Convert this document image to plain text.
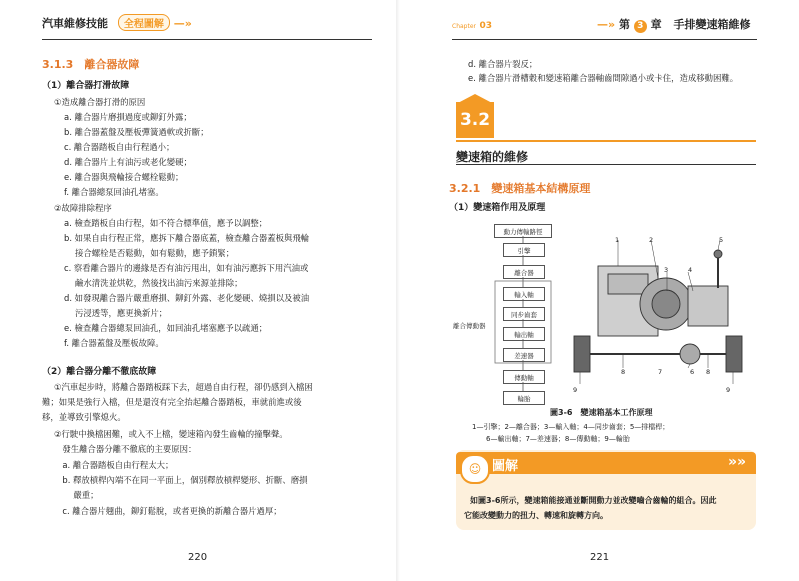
汽車維修技能 全程圖解 —»
3.1.3　離合器故障
（1）離合器打滑故障
①造成離合器打滑的原因
a. 離合器片磨損過度或鉚釘外露；
b. 離合器蓋盤及壓板彈簧過軟或折斷；
c. 離合器踏板自由行程過小；
d. 離合器片上有油污或老化變硬；
e. 離合器與飛輪接合螺栓鬆動；
f. 離合器總泵回油孔堵塞。
②故障排除程序
a. 檢查踏板自由行程，如不符合標準值，應予以調整；
b. 如果自由行程正常，應拆下離合器底蓋，檢查離合器蓋板與飛輪
　 接合螺栓是否鬆動，如有鬆動，應予鎖緊；
c. 察看離合器片的邊緣是否有油污甩出，如有油污應拆下用汽油或
　 鹼水清洗並烘乾，然後找出油污來源並排除；
d. 如發現離合器片嚴重磨損、鉚釘外露、老化變硬、燒損以及被油
　 污浸透等，應更換新片；
e. 檢查離合器總泵回油孔，如回油孔堵塞應予以疏通；
f. 離合器蓋盤及壓板故障。
（2）離合器分離不徹底故障
①汽車起步時，將離合器踏板踩下去，超過自由行程，卻仍感到入檔困
難；如果是強行入檔，但是還沒有完全抬起離合器踏板，車就前進或後
移，並導致引擎熄火。
②行駛中換檔困難，或入不上檔，變速箱內發生齒輪的撞擊聲。
　發生離合器分離不徹底的主要原因：
　a. 離合器踏板自由行程太大；
　b. 釋放槓桿內端不在同一平面上，個別釋放槓桿變形、折斷、磨損
　　 嚴重；
　c. 離合器片翹曲，鉚釘鬆脫，或者更換的新離合器片過厚；
220
Chapter 03	—» 第 3 章 手排變速箱維修
d. 離合器片裂反；
e. 離合器片滑槽穀和變速箱離合器軸齒間隙過小或卡住，造成移動困難。
3.2
變速箱的維修
3.2.1　變速箱基本結構原理
（1）變速箱作用及原理
動力傳輸路徑
離合傳動器
引擎
離合器
輸入軸
同步齒套
輸出軸
差速器
傳動軸
輪胎
1	2
3	4
5
6
7
8	8
9	9
圖3-6　變速箱基本工作原理
1—引擎；2—離合器；3—輸入軸；4—同步齒套；5—排檔桿；
6—輸出軸；7—差速器；8—傳動軸；9—輪胎
☺ 圖解	»»
如圖3-6所示，變速箱能接通並斷開動力並改變嚙合齒輪的組合。因此
它能改變動力的扭力、轉速和旋轉方向。
221
